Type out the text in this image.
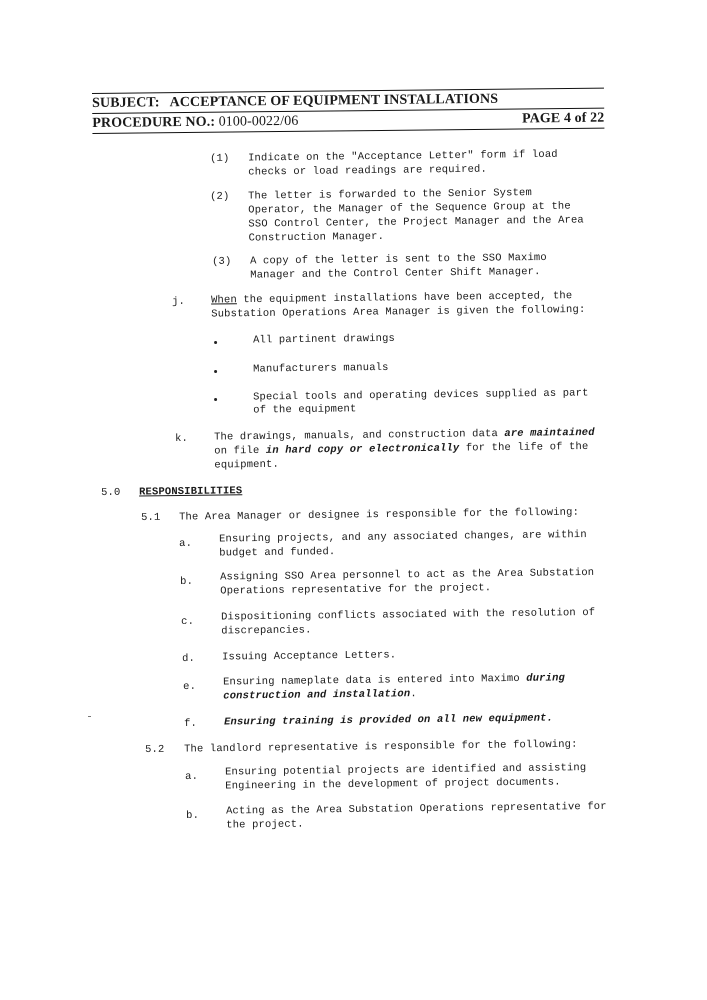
SUBJECT: ACCEPTANCE OF EQUIPMENT INSTALLATIONS
PROCEDURE NO.: 0100-0022/06	PAGE 4 of 22
(1) Indicate on the "Acceptance Letter" form if load
checks or load readings are required.
(2) The letter is forwarded to the Senior System
Operator, the Manager of the Sequence Group at the
SSO Control Center, the Project Manager and the Area
Construction Manager.
(3) A copy of the letter is sent to the SSO Maximo
Manager and the Control Center Shift Manager.
j. When the equipment installations have been accepted, the
Substation Operations Area Manager is given the following:
All partinent drawings
Manufacturers manuals
Special tools and operating devices supplied as part
of the equipment
k. The drawings, manuals, and construction data are maintained
on file in hard copy or electronically for the life of the
equipment.
5.0 RESPONSIBILITIES
5.1 The Area Manager or designee is responsible for the following:
a.	Ensuring projects, and any associated changes, are within
budget and funded.
b.	Assigning SSO Area personnel to act as the Area Substation
Operations representative for the project.
c.	Dispositioning conflicts associated with the resolution of
discrepancies.
d.	Issuing Acceptance Letters.
e.	Ensuring nameplate data is entered into Maximo during
construction and installation.
f.	Ensuring training is provided on all new equipment.
5.2 The landlord representative is responsible for the following:
a.	Ensuring potential projects are identified and assisting
Engineering in the development of project documents.
b.	Acting as the Area Substation Operations representative for
the project.
